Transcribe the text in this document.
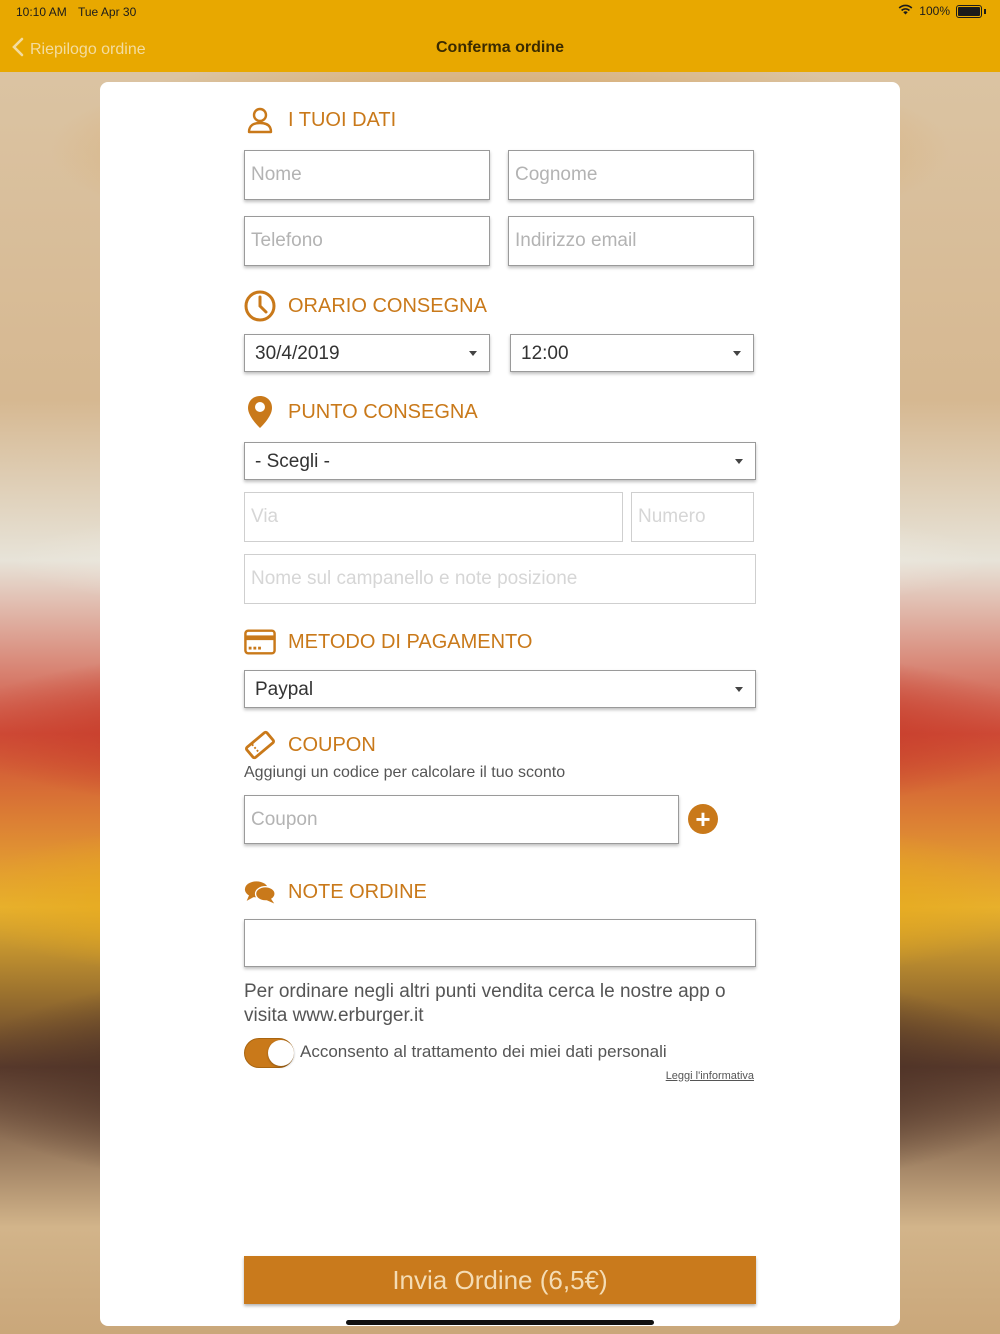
10:10 AM Tue Apr 30	100%
Riepilogo ordine	Conferma ordine
I TUOI DATI
Nome
Cognome
Telefono
Indirizzo email
ORARIO CONSEGNA
30/4/2019	12:00
PUNTO CONSEGNA
- Scegli -
Via
Numero
Nome sul campanello e note posizione
METODO DI PAGAMENTO
Paypal
COUPON
Aggiungi un codice per calcolare il tuo sconto
Coupon
+
NOTE ORDINE
Per ordinare negli altri punti vendita cerca le nostre app o visita www.erburger.it
Acconsento al trattamento dei miei dati personali
Leggi l'informativa
Invia Ordine (6,5€)
